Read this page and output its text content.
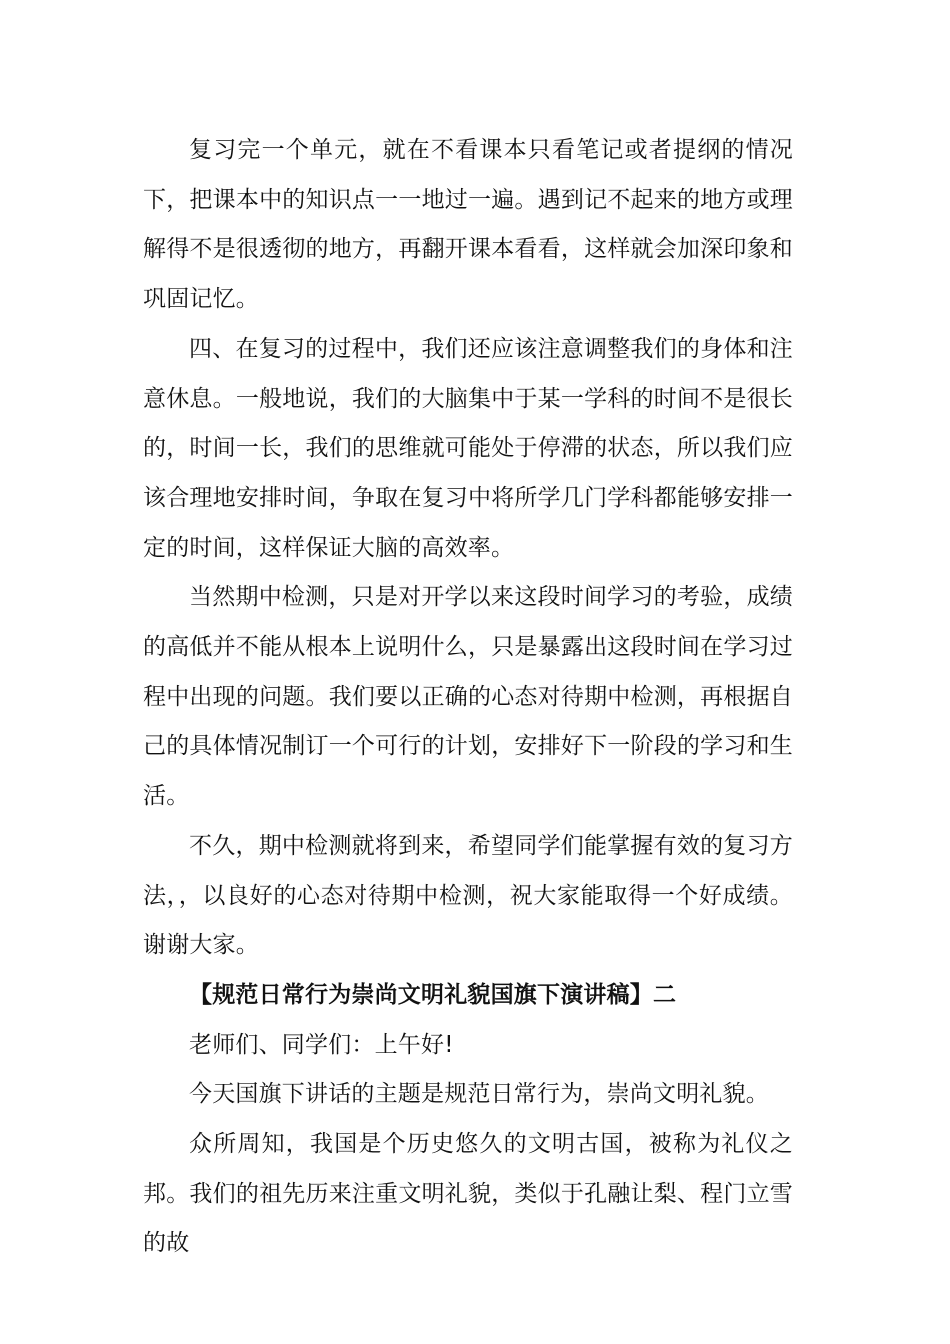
复习完一个单元，就在不看课本只看笔记或者提纲的情况下，把课本中的知识点一一地过一遍。遇到记不起来的地方或理解得不是很透彻的地方，再翻开课本看看，这样就会加深印象和巩固记忆。

四、在复习的过程中，我们还应该注意调整我们的身体和注意休息。一般地说，我们的大脑集中于某一学科的时间不是很长的，时间一长，我们的思维就可能处于停滞的状态，所以我们应该合理地安排时间，争取在复习中将所学几门学科都能够安排一定的时间，这样保证大脑的高效率。

当然期中检测，只是对开学以来这段时间学习的考验，成绩的高低并不能从根本上说明什么，只是暴露出这段时间在学习过程中出现的问题。我们要以正确的心态对待期中检测，再根据自己的具体情况制订一个可行的计划，安排好下一阶段的学习和生活。

不久，期中检测就将到来，希望同学们能掌握有效的复习方法，，以良好的心态对待期中检测，祝大家能取得一个好成绩。谢谢大家。

【规范日常行为崇尚文明礼貌国旗下演讲稿】二

老师们、同学们：上午好!

今天国旗下讲话的主题是规范日常行为，崇尚文明礼貌。

众所周知，我国是个历史悠久的文明古国，被称为礼仪之邦。我们的祖先历来注重文明礼貌，类似于孔融让梨、程门立雪的故
